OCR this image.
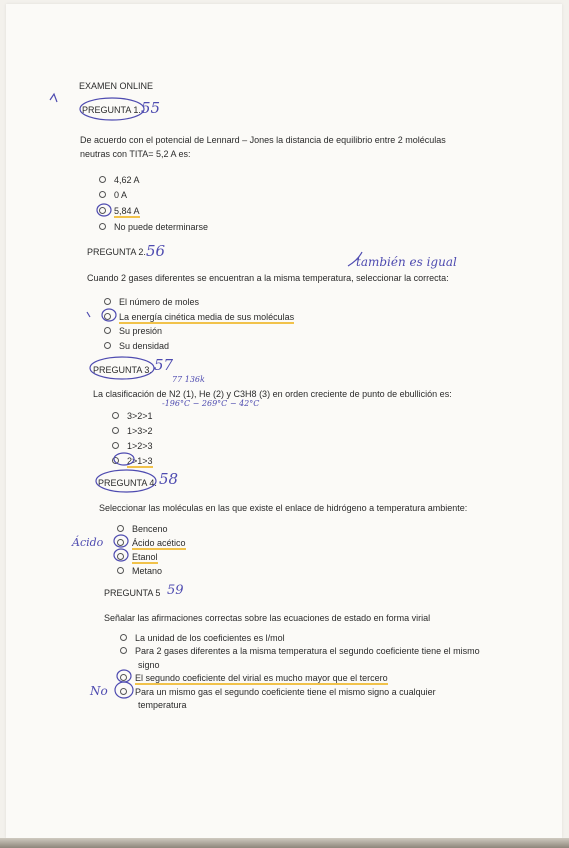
EXAMEN ONLINE
PREGUNTA 1. 55
De acuerdo con el potencial de Lennard – Jones la distancia de equilibrio entre 2 moléculas
neutras con TITA= 5,2 A es:
4,62 A
0 A
5,84 A
No puede determinarse
PREGUNTA 2. 56
también es igual
Cuando 2 gases diferentes se encuentran a la misma temperatura, seleccionar la correcta:
El número de moles
La energía cinética media de sus moléculas
Su presión
Su densidad
PREGUNTA 3. 57
77 136k
-196°C − 269°C − 42°C
La clasificación de N2 (1), He (2) y C3H8 (3) en orden creciente de punto de ebullición es:
3>2>1
1>3>2
1>2>3
2>1>3
PREGUNTA 4. 58
Seleccionar las moléculas en las que existe el enlace de hidrógeno a temperatura ambiente:
Ácido
Benceno
Ácido acético
Etanol
Metano
PREGUNTA 5 59
Señalar las afirmaciones correctas sobre las ecuaciones de estado en forma virial
La unidad de los coeficientes es l/mol
Para 2 gases diferentes a la misma temperatura el segundo coeficiente tiene el mismo
signo
El segundo coeficiente del virial es mucho mayor que el tercero
Para un mismo gas el segundo coeficiente tiene el mismo signo a cualquier
temperatura
No
